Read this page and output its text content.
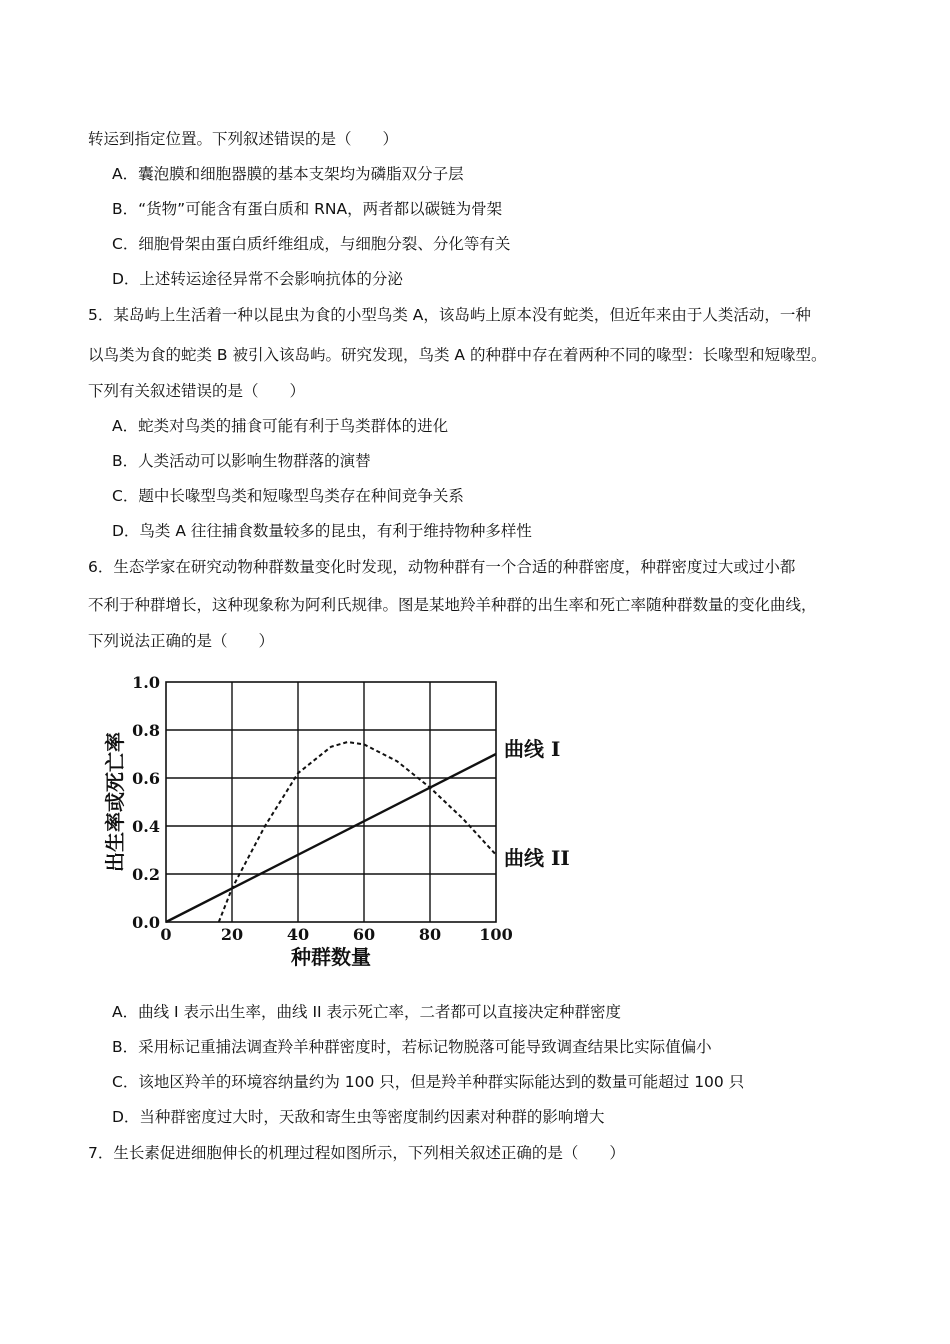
转运到指定位置。下列叙述错误的是（　　）
A．囊泡膜和细胞器膜的基本支架均为磷脂双分子层
B．“货物”可能含有蛋白质和 RNA，两者都以碳链为骨架
C．细胞骨架由蛋白质纤维组成，与细胞分裂、分化等有关
D．上述转运途径异常不会影响抗体的分泌
5．某岛屿上生活着一种以昆虫为食的小型鸟类 A，该岛屿上原本没有蛇类，但近年来由于人类活动，一种
以鸟类为食的蛇类 B 被引入该岛屿。研究发现，鸟类 A 的种群中存在着两种不同的喙型：长喙型和短喙型。
下列有关叙述错误的是（　　）
A．蛇类对鸟类的捕食可能有利于鸟类群体的进化
B．人类活动可以影响生物群落的演替
C．题中长喙型鸟类和短喙型鸟类存在种间竞争关系
D．鸟类 A 往往捕食数量较多的昆虫，有利于维持物种多样性
6．生态学家在研究动物种群数量变化时发现，动物种群有一个合适的种群密度，种群密度过大或过小都
不利于种群增长，这种现象称为阿利氏规律。图是某地羚羊种群的出生率和死亡率随种群数量的变化曲线，
下列说法正确的是（　　）
0	20	40	60	80 100
0.0
0.2
0.4
0.6
0.8
1.0
种群数量
出生率或死亡率	曲线 I
曲线 II
A．曲线 I 表示出生率，曲线 II 表示死亡率，二者都可以直接决定种群密度
B．采用标记重捕法调查羚羊种群密度时，若标记物脱落可能导致调查结果比实际值偏小
C．该地区羚羊的环境容纳量约为 100 只，但是羚羊种群实际能达到的数量可能超过 100 只
D．当种群密度过大时，天敌和寄生虫等密度制约因素对种群的影响增大
7．生长素促进细胞伸长的机理过程如图所示，下列相关叙述正确的是（　　）
